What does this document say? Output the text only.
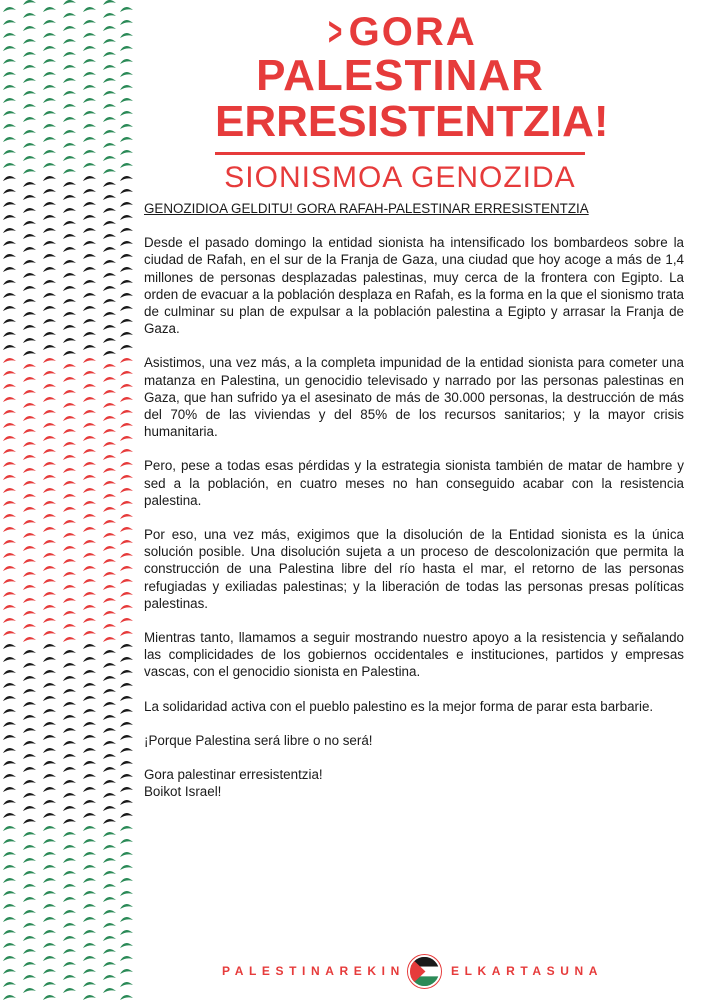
> GORA
PALESTINAR
ERRESISTENTZIA!
SIONISMOA GENOZIDA

GENOZIDIOA GELDITU! GORA RAFAH-PALESTINAR ERRESISTENTZIA

Desde el pasado domingo la entidad sionista ha intensificado los bombardeos sobre la ciudad de Rafah, en el sur de la Franja de Gaza, una ciudad que hoy acoge a más de 1,4 millones de personas desplazadas palestinas, muy cerca de la frontera con Egipto. La orden de evacuar a la población desplaza en Rafah, es la forma en la que el sionismo trata de culminar su plan de expulsar a la población palestina a Egipto y arrasar la Franja de Gaza.

Asistimos, una vez más, a la completa impunidad de la entidad sionista para cometer una matanza en Palestina, un genocidio televisado y narrado por las personas palestinas en Gaza, que han sufrido ya el asesinato de más de 30.000 personas, la destrucción de más del 70% de las viviendas y del 85% de los recursos sanitarios; y la mayor crisis humanitaria.

Pero, pese a todas esas pérdidas y la estrategia sionista también de matar de hambre y sed a la población, en cuatro meses no han conseguido acabar con la resistencia palestina.

Por eso, una vez más, exigimos que la disolución de la Entidad sionista es la única solución posible. Una disolución sujeta a un proceso de descolonización que permita la construcción de una Palestina libre del río hasta el mar, el retorno de las personas refugiadas y exiliadas palestinas; y la liberación de todas las personas presas políticas palestinas.

Mientras tanto, llamamos a seguir mostrando nuestro apoyo a la resistencia y señalando las complicidades de los gobiernos occidentales e instituciones, partidos y empresas vascas, con el genocidio sionista en Palestina.

La solidaridad activa con el pueblo palestino es la mejor forma de parar esta barbarie.

¡Porque Palestina será libre o no será!

Gora palestinar erresistentzia!
Boikot Israel!

PALESTINAREKIN	ELKARTASUNA
